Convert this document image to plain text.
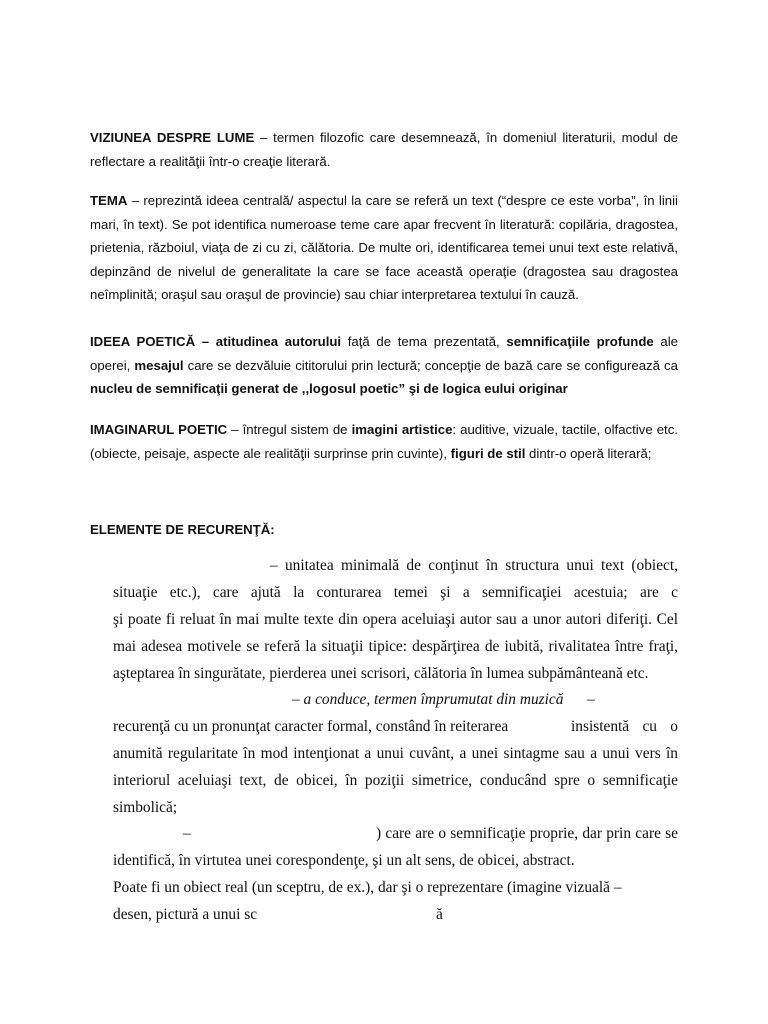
VIZIUNEA DESPRE LUME – termen filozofic care desemnează, în domeniul literaturii, modul de reflectare a realităţii într-o creaţie literară.

TEMA – reprezintă ideea centrală/ aspectul la care se referă un text (“despre ce este vorba”, în linii mari, în text). Se pot identifica numeroase teme care apar frecvent în literatură: copilăria, dragostea, prietenia, războiul, viaţa de zi cu zi, călătoria. De multe ori, identificarea temei unui text este relativă, depinzând de nivelul de generalitate la care se face această operaţie (dragostea sau dragostea neîmplinită; oraşul sau oraşul de provincie) sau chiar interpretarea textului în cauză.

IDEEA POETICĂ – atitudinea autorului faţă de tema prezentată, semnificaţiile profunde ale operei, mesajul care se dezvăluie cititorului prin lectură; concepţie de bază care se configurează ca nucleu de semnificaţii generat de ,,logosul poetic” şi de logica eului originar

IMAGINARUL POETIC – întregul sistem de imagini artistice: auditive, vizuale, tactile, olfactive etc. (obiecte, peisaje, aspecte ale realităţii surprinse prin cuvinte), figuri de stil dintr-o operă literară;

ELEMENTE DE RECURENŢĂ:
– unitatea minimală de conţinut în structura unui text (obiect,
situaţie etc.), care ajută la conturarea temei şi a semnificaţiei acestuia; are c
şi poate fi reluat în mai multe texte din opera aceluiaşi autor sau a unor autori diferiţi. Cel
mai adesea motivele se referă la situaţii tipice: despărţirea de iubită, rivalitatea între fraţi,
aşteptarea în singurătate, pierderea unei scrisori, călătoria în lumea subpământeană etc.
– a conduce, termen împrumutat din muzică –
recurenţă cu un pronunţat caracter formal, constând în reiterarea	insistentă cu o
anumită regularitate în mod intenţionat a unui cuvânt, a unei sintagme sau a unui vers în
interiorul aceluiaşi text, de obicei, în poziţii simetrice, conducând spre o semnificaţie
simbolică;
–	) care are o semnificaţie proprie, dar prin care se
identifică, în virtutea unei corespondenţe, şi un alt sens, de obicei, abstract.
Poate fi un obiect real (un sceptru, de ex.), dar şi o reprezentare (imagine vizuală –
desen, pictură a unui sc	ă
